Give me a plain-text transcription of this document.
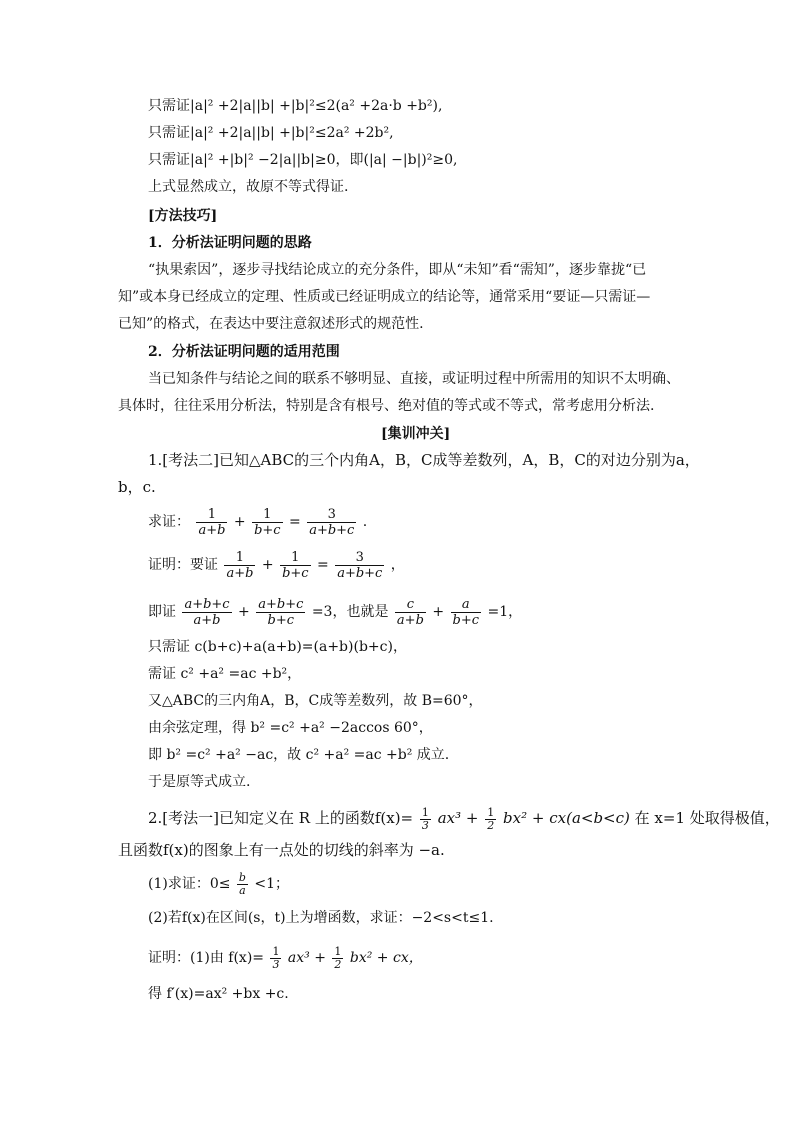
只需证|a|² +2|a||b| +|b|²≤2(a² +2a·b +b²),
只需证|a|² +2|a||b| +|b|²≤2a² +2b²,
只需证|a|² +|b|² −2|a||b|≥0，即(|a| −|b|)²≥0,
上式显然成立，故原不等式得证.
[方法技巧]
1．分析法证明问题的思路
“执果索因”，逐步寻找结论成立的充分条件，即从“未知”看“需知”，逐步靠拢“已
知”或本身已经成立的定理、性质或已经证明成立的结论等，通常采用“要证—只需证—
已知”的格式，在表达中要注意叙述形式的规范性.
2．分析法证明问题的适用范围
当已知条件与结论之间的联系不够明显、直接，或证明过程中所需用的知识不太明确、
具体时，往往采用分析法，特别是含有根号、绝对值的等式或不等式，常考虑用分析法.
[集训冲关]
1.[考法二]已知△ABC的三个内角A，B，C成等差数列，A，B，C的对边分别为a，
b，c.
求证： $\frac{1}{a+b} + \frac{1}{b+c} = \frac{3}{a+b+c}$ .
证明：要证 $\frac{1}{a+b} + \frac{1}{b+c} = \frac{3}{a+b+c}$ ，
即证 $\frac{a+b+c}{a+b} + \frac{a+b+c}{b+c} =3$，也就是 $\frac{c}{a+b} + \frac{a}{b+c} =1$，
只需证 c(b+c)+a(a+b)=(a+b)(b+c)，
需证 c² +a² =ac +b²，
又△ABC的三内角A，B，C成等差数列，故 B=60°，
由余弦定理，得 b² =c² +a² −2accos 60°，
即 b² =c² +a² −ac，故 c² +a² =ac +b² 成立.
于是原等式成立.
2.[考法一]已知定义在 R 上的函数$f(x)= \frac{1}{3} ax^3 + \frac{1}{2} bx^2 + cx(a<b<c)$ 在 x=1 处取得极值，
且函数f(x)的图象上有一点处的切线的斜率为 −a.
(1)求证：$0\le \frac{b}{a} <1$；
(2)若f(x)在区间(s，t)上为增函数，求证：−2<s<t≤1.
证明：(1)由 $f(x)= \frac{1}{3} ax^3 + \frac{1}{2} bx^2$ + cx，
得 f′(x)=ax² +bx +c.
